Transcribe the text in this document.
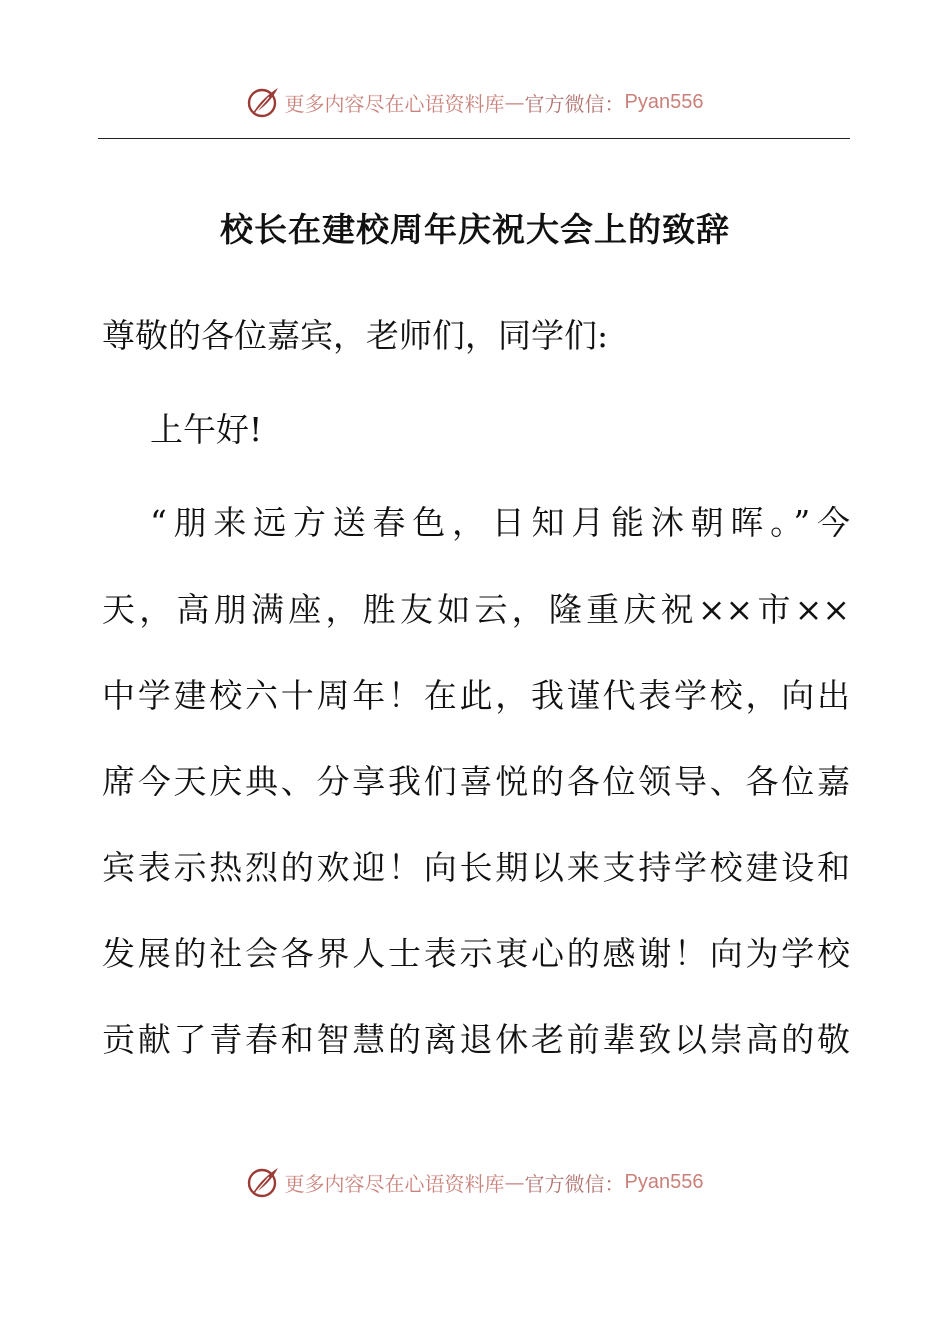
更多内容尽在心语资料库 — 官方微信： Pyan556
校长在建校周年庆祝大会上的致辞
尊敬的各位嘉宾，老师们，同学们:
上午好!
“朋来远方送春色，日知月能沐朝晖。”今
天，高朋满座，胜友如云，隆重庆祝××市××
中学建校六十周年！在此，我谨代表学校，向出
席今天庆典、分享我们喜悦的各位领导、各位嘉
宾表示热烈的欢迎！向长期以来支持学校建设和
发展的社会各界人士表示衷心的感谢！向为学校
贡献了青春和智慧的离退休老前辈致以崇高的敬
更多内容尽在心语资料库 — 官方微信： Pyan556
